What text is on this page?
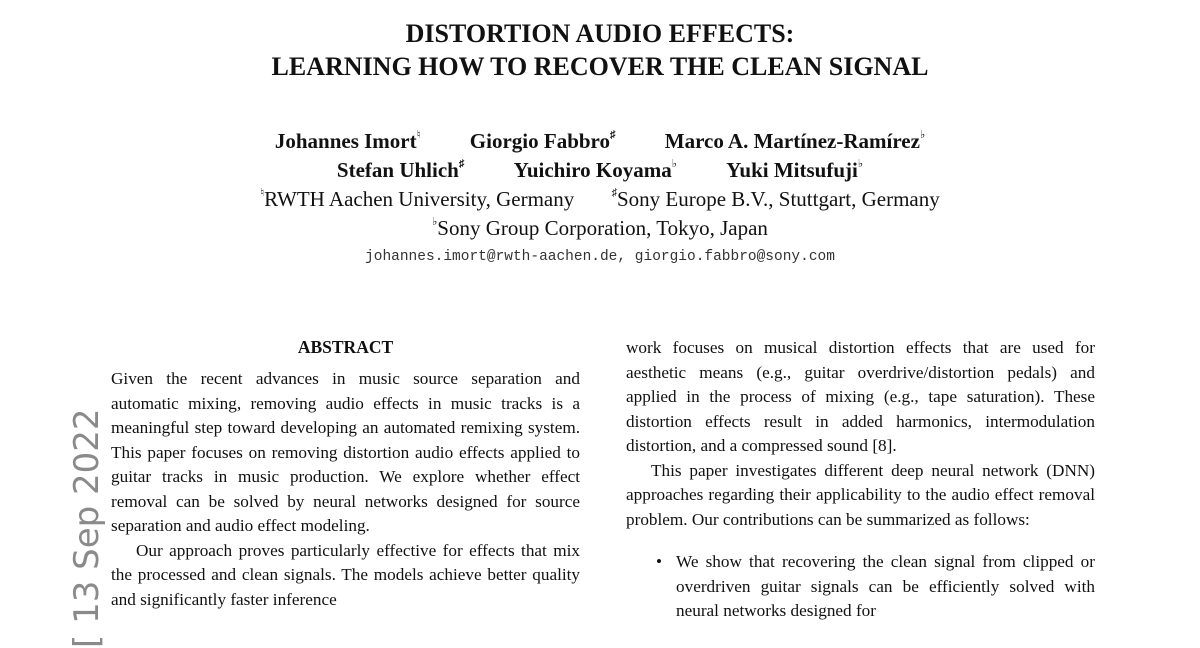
DISTORTION AUDIO EFFECTS:
LEARNING HOW TO RECOVER THE CLEAN SIGNAL
Johannes Imort♮ Giorgio Fabbro♯ Marco A. Martínez-Ramírez♭
Stefan Uhlich♯ Yuichiro Koyama♭ Yuki Mitsufuji♭
♮RWTH Aachen University, Germany	♯Sony Europe B.V., Stuttgart, Germany
♭Sony Group Corporation, Tokyo, Japan
johannes.imort@rwth-aachen.de, giorgio.fabbro@sony.com
ABSTRACT

Given the recent advances in music source separation and automatic mixing, removing audio effects in music tracks is a meaningful step toward developing an automated remixing system. This paper focuses on removing distortion audio effects applied to guitar tracks in music production. We explore whether effect removal can be solved by neural networks designed for source separation and audio effect modeling.

Our approach proves particularly effective for effects that mix the processed and clean signals. The models achieve better quality and significantly faster inference

work focuses on musical distortion effects that are used for aesthetic means (e.g., guitar overdrive/distortion pedals) and applied in the process of mixing (e.g., tape saturation). These distortion effects result in added harmonics, intermodulation distortion, and a compressed sound [8].

This paper investigates different deep neural network (DNN) approaches regarding their applicability to the audio effect removal problem. Our contributions can be summarized as follows:

• We show that recovering the clean signal from clipped or overdriven guitar signals can be efficiently solved with neural networks designed for
[ 13 Sep 2022
